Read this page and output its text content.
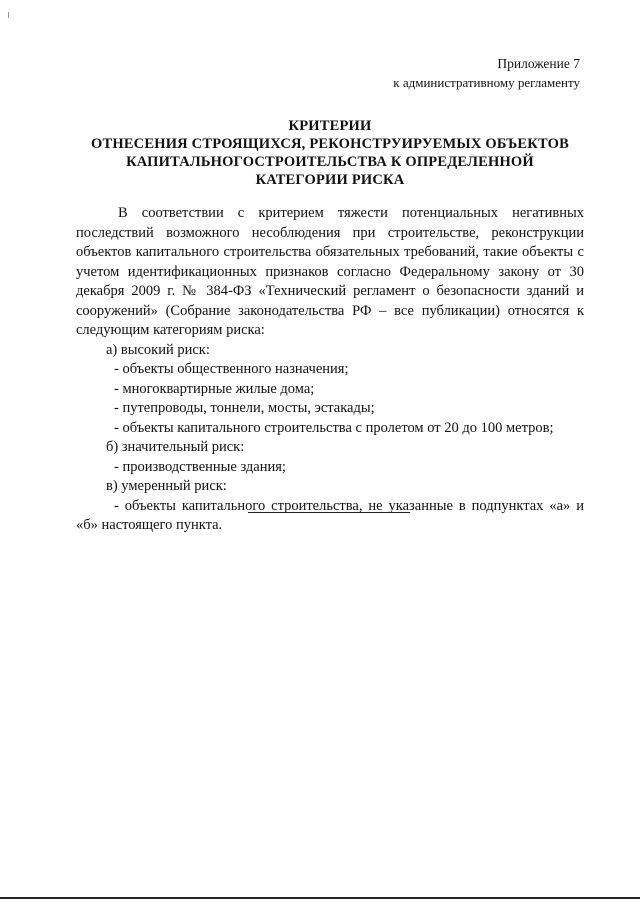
Приложение 7
к административному регламенту
КРИТЕРИИ
ОТНЕСЕНИЯ СТРОЯЩИХСЯ, РЕКОНСТРУИРУЕМЫХ ОБЪЕКТОВ
КАПИТАЛЬНОГОСТРОИТЕЛЬСТВА К ОПРЕДЕЛЕННОЙ
КАТЕГОРИИ РИСКА

В соответствии с критерием тяжести потенциальных негативных последствий возможного несоблюдения при строительстве, реконструкции объектов капитального строительства обязательных требований, такие объекты с учетом идентификационных признаков согласно Федеральному закону от 30 декабря 2009 г. № 384-ФЗ «Технический регламент о безопасности зданий и сооружений» (Собрание законодательства РФ – все публикации) относятся к следующим категориям риска:

а) высокий риск:

- объекты общественного назначения;

- многоквартирные жилые дома;

- путепроводы, тоннели, мосты, эстакады;

- объекты капитального строительства с пролетом от 20 до 100 метров;

б) значительный риск:

- производственные здания;

в) умеренный риск:

- объекты капитального строительства, не указанные в подпунктах «а» и «б» настоящего пункта.
